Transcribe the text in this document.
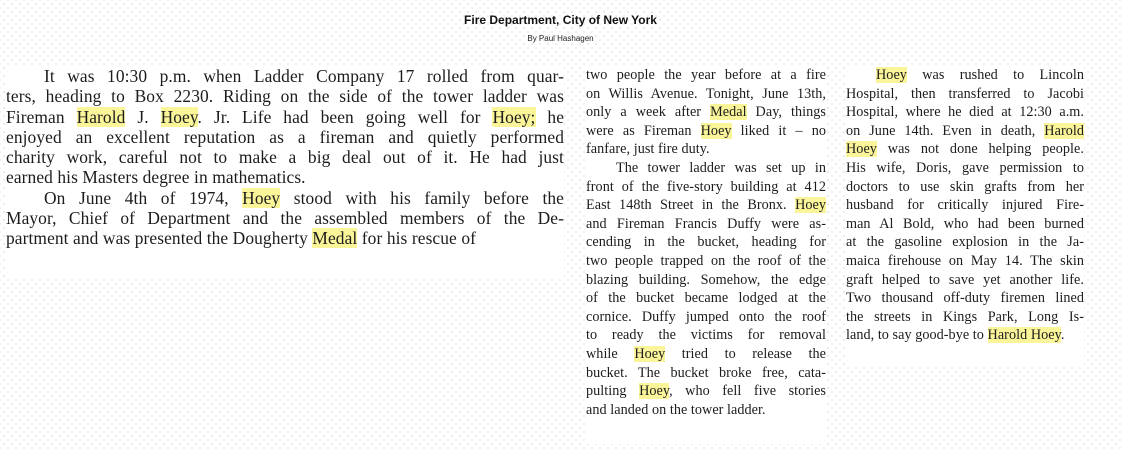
Fire Department, City of New York
By Paul Hashagen

It was 10:30 p.m. when Ladder Company 17 rolled from quar-

ters, heading to Box 2230. Riding on the side of the tower ladder was

Fireman Harold J. Hoey. Jr. Life had been going well for Hoey; he

enjoyed an excellent reputation as a fireman and quietly performed

charity work, careful not to make a big deal out of it. He had just

earned his Masters degree in mathematics.

On June 4th of 1974, Hoey stood with his family before the

Mayor, Chief of Department and the assembled members of the De-

partment and was presented the Dougherty Medal for his rescue of

two people the year before at a fire

on Willis Avenue. Tonight, June 13th,

only a week after Medal Day, things

were as Fireman Hoey liked it – no

fanfare, just fire duty.

The tower ladder was set up in

front of the five-story building at 412

East 148th Street in the Bronx. Hoey

and Fireman Francis Duffy were as-

cending in the bucket, heading for

two people trapped on the roof of the

blazing building. Somehow, the edge

of the bucket became lodged at the

cornice. Duffy jumped onto the roof

to ready the victims for removal

while Hoey tried to release the

bucket. The bucket broke free, cata-

pulting Hoey, who fell five stories

and landed on the tower ladder.

Hoey was rushed to Lincoln

Hospital, then transferred to Jacobi

Hospital, where he died at 12:30 a.m.

on June 14th. Even in death, Harold

Hoey was not done helping people.

His wife, Doris, gave permission to

doctors to use skin grafts from her

husband for critically injured Fire-

man Al Bold, who had been burned

at the gasoline explosion in the Ja-

maica firehouse on May 14. The skin

graft helped to save yet another life.

Two thousand off-duty firemen lined

the streets in Kings Park, Long Is-

land, to say good-bye to Harold Hoey.
